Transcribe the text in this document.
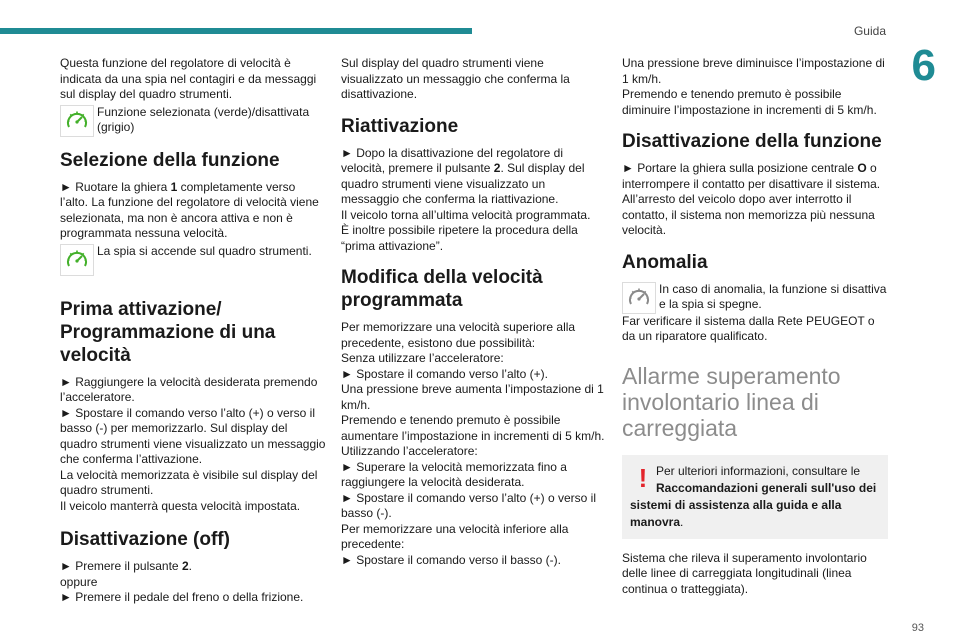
Guida
6
93

Questa funzione del regolatore di velocità è indicata da una spia nel contagiri e da messaggi sul display del quadro strumenti.

Funzione selezionata (verde)/disattivata (grigio)
Selezione della funzione

► Ruotare la ghiera 1 completamente verso l’alto. La funzione del regolatore di velocità viene selezionata, ma non è ancora attiva e non è programmata nessuna velocità.

La spia si accende sul quadro strumenti.
Prima attivazione/ Programmazione di una velocità

► Raggiungere la velocità desiderata premendo l’acceleratore.

► Spostare il comando verso l’alto (+) o verso il basso (-) per memorizzarlo. Sul display del quadro strumenti viene visualizzato un messaggio che conferma l’attivazione.

La velocità memorizzata è visibile sul display del quadro strumenti.

Il veicolo manterrà questa velocità impostata.

Disattivazione (off)

► Premere il pulsante 2.

oppure

► Premere il pedale del freno o della frizione.

Sul display del quadro strumenti viene visualizzato un messaggio che conferma la disattivazione.

Riattivazione

► Dopo la disattivazione del regolatore di velocità, premere il pulsante 2. Sul display del quadro strumenti viene visualizzato un messaggio che conferma la riattivazione.

Il veicolo torna all’ultima velocità programmata.

È inoltre possibile ripetere la procedura della “prima attivazione”.

Modifica della velocità programmata

Per memorizzare una velocità superiore alla precedente, esistono due possibilità:

Senza utilizzare l’acceleratore:

► Spostare il comando verso l’alto (+).

Una pressione breve aumenta l’impostazione di 1 km/h.

Premendo e tenendo premuto è possibile aumentare l’impostazione in incrementi di 5 km/h.

Utilizzando l’acceleratore:

► Superare la velocità memorizzata fino a raggiungere la velocità desiderata.

► Spostare il comando verso l’alto (+) o verso il basso (-).

Per memorizzare una velocità inferiore alla precedente:

► Spostare il comando verso il basso (-).

Una pressione breve diminuisce l’impostazione di 1 km/h.

Premendo e tenendo premuto è possibile diminuire l’impostazione in incrementi di 5 km/h.

Disattivazione della funzione

► Portare la ghiera sulla posizione centrale O o interrompere il contatto per disattivare il sistema.

All’arresto del veicolo dopo aver interrotto il contatto, il sistema non memorizza più nessuna velocità.

Anomalia
In caso di anomalia, la funzione si disattiva e la spia si spegne.

Far verificare il sistema dalla Rete PEUGEOT o da un riparatore qualificato.

Allarme superamento involontario linea di carreggiata
! Per ulteriori informazioni, consultare le Raccomandazioni generali sull'uso dei sistemi di assistenza alla guida e alla manovra.

Sistema che rileva il superamento involontario delle linee di carreggiata longitudinali (linea continua o tratteggiata).
